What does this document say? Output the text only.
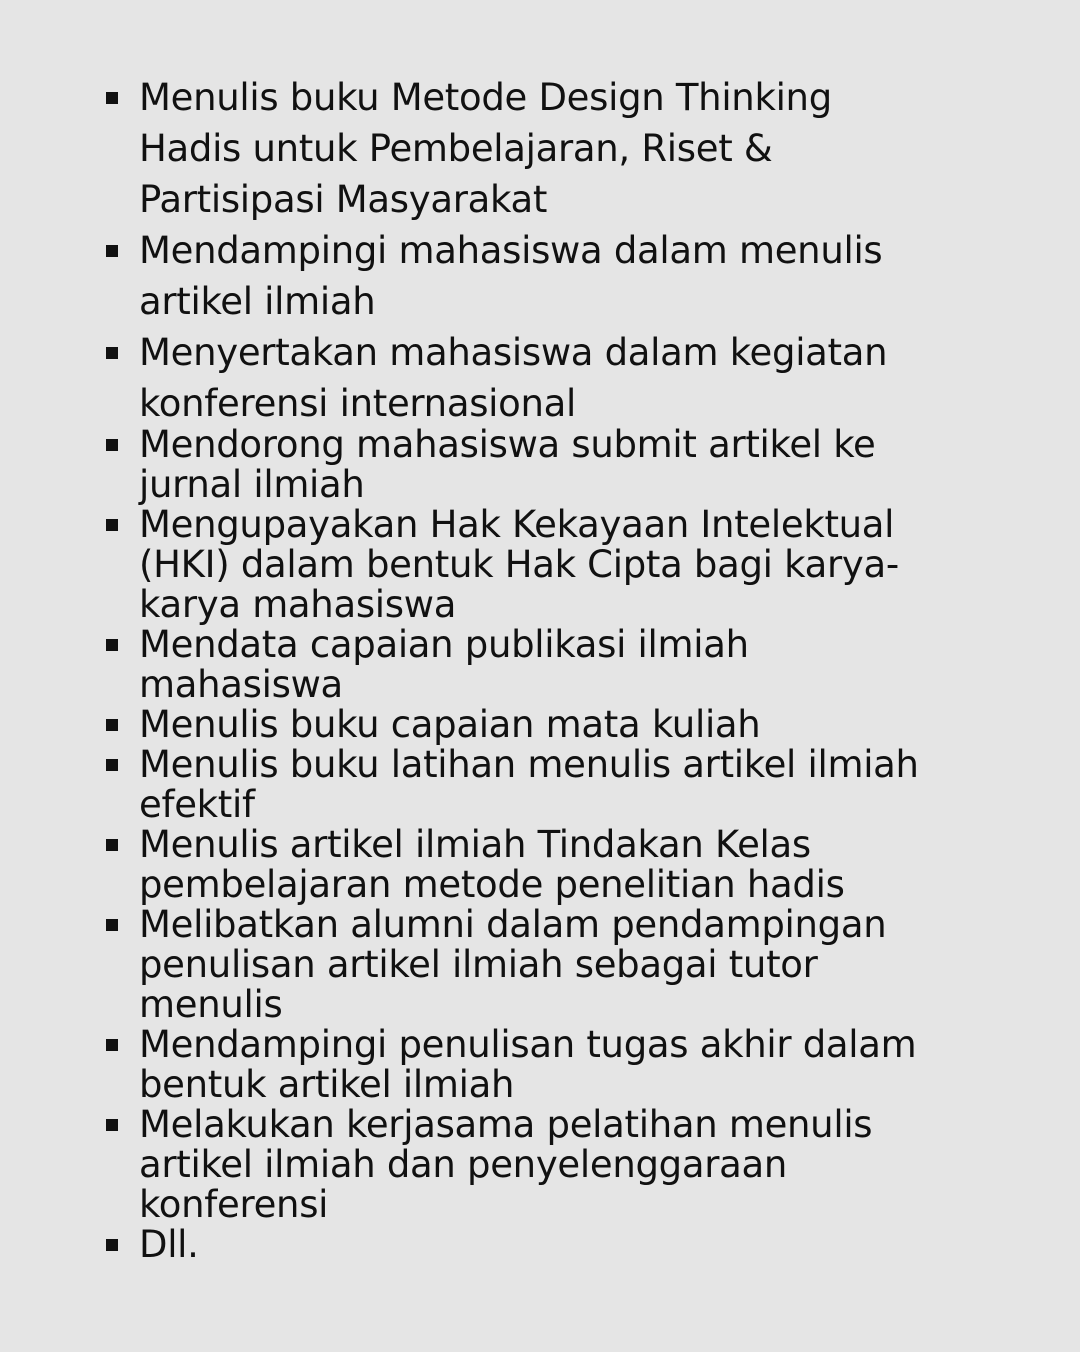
Menulis buku Metode Design Thinking
Hadis untuk Pembelajaran, Riset &
Partisipasi Masyarakat
Mendampingi mahasiswa dalam menulis
artikel ilmiah
Menyertakan mahasiswa dalam kegiatan
konferensi internasional
Mendorong mahasiswa submit artikel ke
jurnal ilmiah
Mengupayakan Hak Kekayaan Intelektual
(HKI) dalam bentuk Hak Cipta bagi karya-
karya mahasiswa
Mendata capaian publikasi ilmiah
mahasiswa
Menulis buku capaian mata kuliah
Menulis buku latihan menulis artikel ilmiah
efektif
Menulis artikel ilmiah Tindakan Kelas
pembelajaran metode penelitian hadis
Melibatkan alumni dalam pendampingan
penulisan artikel ilmiah sebagai tutor
menulis
Mendampingi penulisan tugas akhir dalam
bentuk artikel ilmiah
Melakukan kerjasama pelatihan menulis
artikel ilmiah dan penyelenggaraan
konferensi
Dll.
